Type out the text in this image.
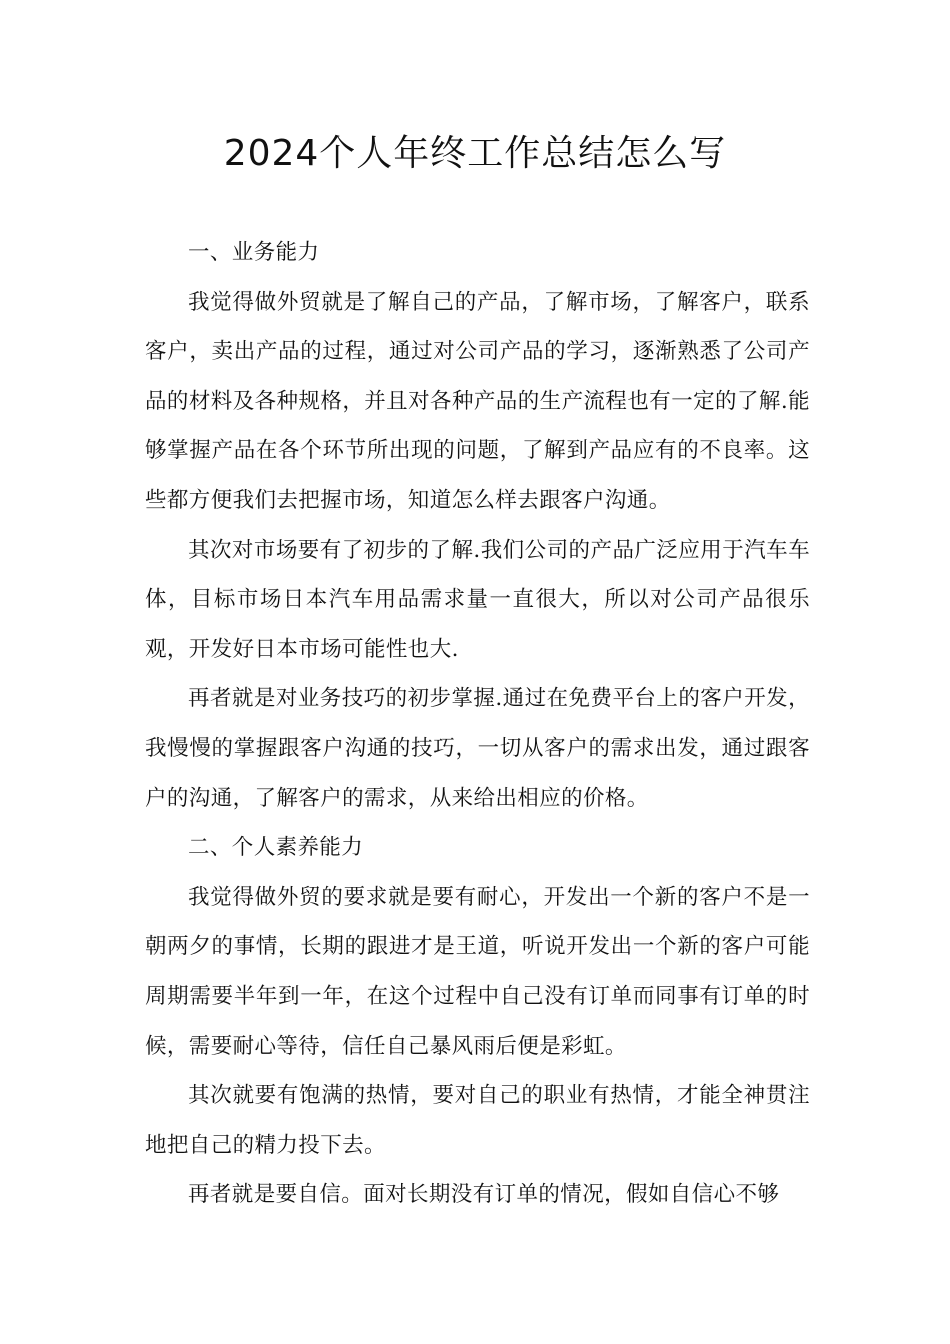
2024个人年终工作总结怎么写

一、业务能力

我觉得做外贸就是了解自己的产品，了解市场，了解客户，联系客户，卖出产品的过程，通过对公司产品的学习，逐渐熟悉了公司产品的材料及各种规格，并且对各种产品的生产流程也有一定的了解.能够掌握产品在各个环节所出现的问题，了解到产品应有的不良率。这些都方便我们去把握市场，知道怎么样去跟客户沟通。

其次对市场要有了初步的了解.我们公司的产品广泛应用于汽车车体，目标市场日本汽车用品需求量一直很大，所以对公司产品很乐观，开发好日本市场可能性也大.

再者就是对业务技巧的初步掌握.通过在免费平台上的客户开发，我慢慢的掌握跟客户沟通的技巧，一切从客户的需求出发，通过跟客户的沟通，了解客户的需求，从来给出相应的价格。

二、个人素养能力

我觉得做外贸的要求就是要有耐心，开发出一个新的客户不是一朝两夕的事情，长期的跟进才是王道，听说开发出一个新的客户可能周期需要半年到一年，在这个过程中自己没有订单而同事有订单的时候，需要耐心等待，信任自己暴风雨后便是彩虹。

其次就要有饱满的热情，要对自己的职业有热情，才能全神贯注地把自己的精力投下去。

再者就是要自信。面对长期没有订单的情况，假如自信心不够
